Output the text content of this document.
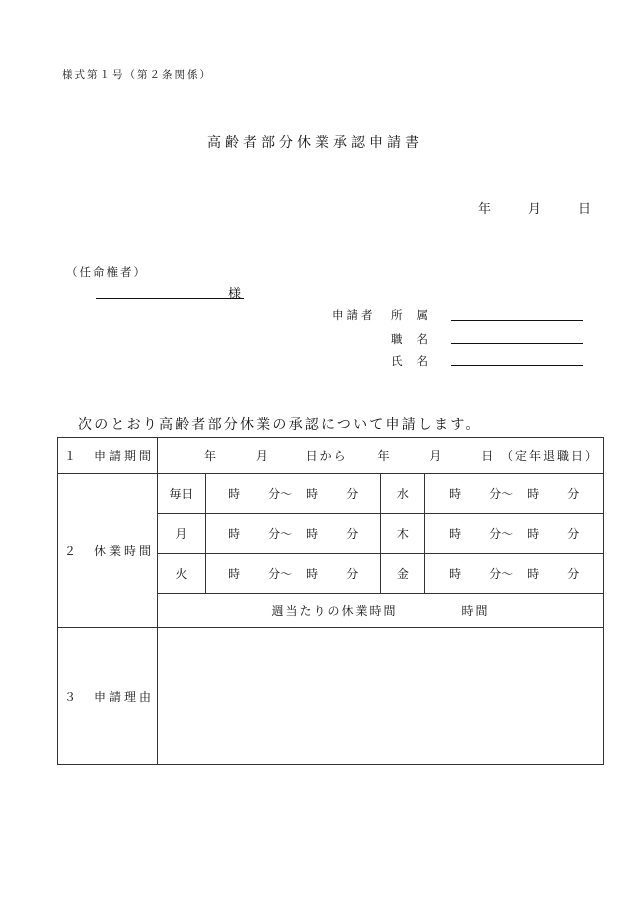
様式第１号（第２条関係）
高齢者部分休業承認申請書
年	月	日
（任命権者）
様
申請者 所属
職名
氏名
次のとおり高齢者部分休業の承認について申請します。
１　申請期間	年 月 日から 年 月 日 （定年退職日）			
２　休業時間	毎日	時 分～ 時 分	水	時 分～ 時 分
	月	時 分～ 時 分	木	時 分～ 時 分
	火	時 分～ 時 分	金	時 分～ 時 分
	週当たりの休業時間 時間			
３　申請理由				
